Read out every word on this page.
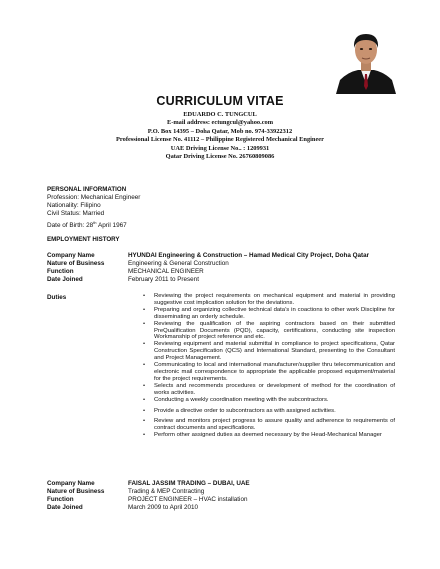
CURRICULUM VITAE
EDUARDO C. TUNGCUL
E-mail address: ectungcul@yahoo.com
P.O. Box 14395 – Doha Qatar, Mob no. 974-33922312
Professional License No. 41112 – Philippine Registered Mechanical Engineer
UAE Driving License No.. : 1209931
Qatar Driving License No. 26760809086
PERSONAL INFORMATION
Profession: Mechanical Engineer
Nationality: Filipino
Civil Status: Married
Date of Birth: 28th April 1967
EMPLOYMENT HISTORY
Company Name	HYUNDAI Engineering & Construction – Hamad Medical City Project, Doha Qatar
Nature of Business	Engineering & General Construction
Function	MECHANICAL ENGINEER
Date Joined	February 2011 to Present
Duties	• Reviewing the project requirements on mechanical equipment and material in providing suggestive cost implication solution for the deviations.
• Preparing and organizing collective technical data’s in coactions to other work Discipline for disseminating an orderly schedule.
• Reviewing the qualification of the aspiring contractors based on their submitted PreQualification Documents (PQD), capacity, certifications, conducting site inspection Workmanship of project reference and etc.
• Reviewing equipment and material submittal in compliance to project specifications, Qatar Construction Specification (QCS) and International Standard, presenting to the Consultant and Project Management.
• Communicating to local and international manufacturer/supplier thru telecommunication and electronic mail correspondence to appropriate the applicable proposed equipment/material for the project requirements.
• Selects and recommends procedures or development of method for the coordination of works activities.
• Conducting a weekly coordination meeting with the subcontractors.
• Provide a directive order to subcontractors as with assigned activities.
• Review and monitors project progress to assure quality and adherence to requirements of contract documents and specifications.
• Perform other assigned duties as deemed necessary by the Head-Mechanical Manager
Company Name	FAISAL JASSIM TRADING – DUBAI, UAE
Nature of Business	Trading & MEP Contracting
Function	PROJECT ENGINEER – HVAC installation
Date Joined	March 2009 to April 2010
